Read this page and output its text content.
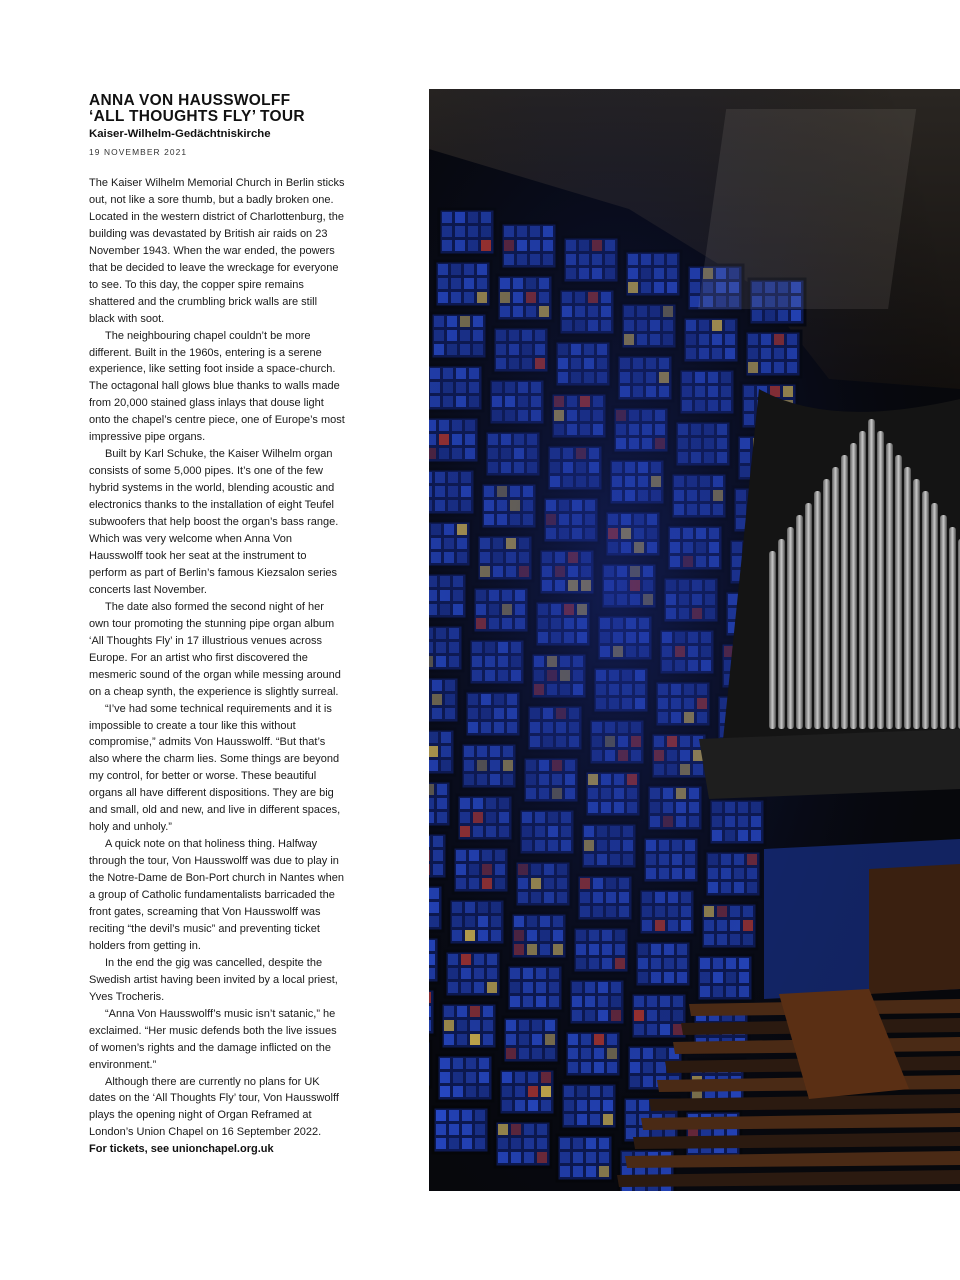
ANNA VON HAUSSWOLFF
‘ALL THOUGHTS FLY’ TOUR

Kaiser-Wilhelm-Gedächtniskirche

19 NOVEMBER 2021

The Kaiser Wilhelm Memorial Church in Berlin sticks out, not like a sore thumb, but a badly broken one. Located in the western district of Charlottenburg, the building was devastated by British air raids on 23 November 1943. When the war ended, the powers that be decided to leave the wreckage for everyone to see. To this day, the copper spire remains shattered and the crumbling brick walls are still black with soot.

The neighbouring chapel couldn’t be more different. Built in the 1960s, entering is a serene experience, like setting foot inside a space-church. The octagonal hall glows blue thanks to walls made from 20,000 stained glass inlays that douse light onto the chapel’s centre piece, one of Europe’s most impressive pipe organs.

Built by Karl Schuke, the Kaiser Wilhelm organ consists of some 5,000 pipes. It’s one of the few hybrid systems in the world, blending acoustic and electronics thanks to the installation of eight Teufel subwoofers that help boost the organ’s bass range. Which was very welcome when Anna Von Hausswolff took her seat at the instrument to perform as part of Berlin’s famous Kiezsalon series concerts last November.

The date also formed the second night of her own tour promoting the stunning pipe organ album ‘All Thoughts Fly’ in 17 illustrious venues across Europe. For an artist who first discovered the mesmeric sound of the organ while messing around on a cheap synth, the experience is slightly surreal.

“I’ve had some technical requirements and it is impossible to create a tour like this without compromise,” admits Von Hausswolff. “But that’s also where the charm lies. Some things are beyond my control, for better or worse. These beautiful organs all have different dispositions. They are big and small, old and new, and live in different spaces, holy and unholy.”

A quick note on that holiness thing. Halfway through the tour, Von Hausswolff was due to play in the Notre-Dame de Bon-Port church in Nantes when a group of Catholic fundamentalists barricaded the front gates, screaming that Von Hausswolff was reciting “the devil’s music” and preventing ticket holders from getting in.

In the end the gig was cancelled, despite the Swedish artist having been invited by a local priest, Yves Trocheris.

“Anna Von Hausswolff’s music isn’t satanic,” he exclaimed. “Her music defends both the live issues of women’s rights and the damage inflicted on the environment.”

Although there are currently no plans for UK dates on the ‘All Thoughts Fly’ tour, Von Hausswolff plays the opening night of Organ Reframed at London’s Union Chapel on 16 September 2022.

For tickets, see unionchapel.org.uk
